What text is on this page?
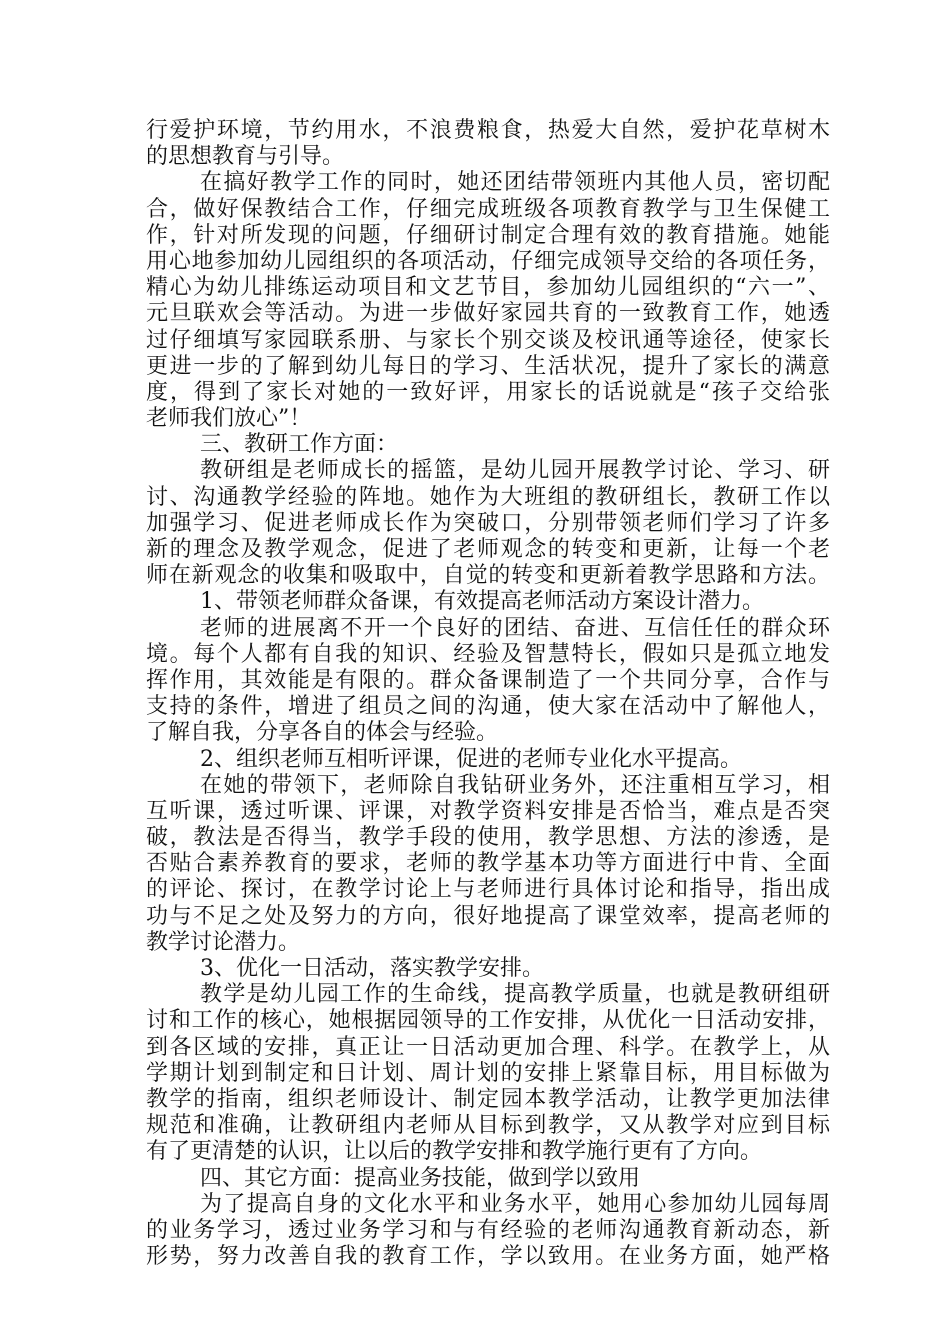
行爱护环境，节约用水，不浪费粮食，热爱大自然，爱护花草树木
的思想教育与引导。
在搞好教学工作的同时，她还团结带领班内其他人员，密切配
合，做好保教结合工作，仔细完成班级各项教育教学与卫生保健工
作，针对所发现的问题，仔细研讨制定合理有效的教育措施。她能
用心地参加幼儿园组织的各项活动，仔细完成领导交给的各项任务，
精心为幼儿排练运动项目和文艺节目，参加幼儿园组织的“六一”、
元旦联欢会等活动。为进一步做好家园共育的一致教育工作，她透
过仔细填写家园联系册、与家长个别交谈及校讯通等途径，使家长
更进一步的了解到幼儿每日的学习、生活状况，提升了家长的满意
度，得到了家长对她的一致好评，用家长的话说就是“孩子交给张
老师我们放心”！
三、教研工作方面：
教研组是老师成长的摇篮，是幼儿园开展教学讨论、学习、研
讨、沟通教学经验的阵地。她作为大班组的教研组长，教研工作以
加强学习、促进老师成长作为突破口，分别带领老师们学习了许多
新的理念及教学观念，促进了老师观念的转变和更新，让每一个老
师在新观念的收集和吸取中，自觉的转变和更新着教学思路和方法。
1、带领老师群众备课，有效提高老师活动方案设计潜力。
老师的进展离不开一个良好的团结、奋进、互信任任的群众环
境。每个人都有自我的知识、经验及智慧特长，假如只是孤立地发
挥作用，其效能是有限的。群众备课制造了一个共同分享，合作与
支持的条件，增进了组员之间的沟通，使大家在活动中了解他人，
了解自我，分享各自的体会与经验。
2、组织老师互相听评课，促进的老师专业化水平提高。
在她的带领下，老师除自我钻研业务外，还注重相互学习，相
互听课，透过听课、评课，对教学资料安排是否恰当，难点是否突
破，教法是否得当，教学手段的使用，教学思想、方法的渗透，是
否贴合素养教育的要求，老师的教学基本功等方面进行中肯、全面
的评论、探讨，在教学讨论上与老师进行具体讨论和指导，指出成
功与不足之处及努力的方向，很好地提高了课堂效率，提高老师的
教学讨论潜力。
3、优化一日活动，落实教学安排。
教学是幼儿园工作的生命线，提高教学质量，也就是教研组研
讨和工作的核心，她根据园领导的工作安排，从优化一日活动安排，
到各区域的安排，真正让一日活动更加合理、科学。在教学上，从
学期计划到制定和日计划、周计划的安排上紧靠目标，用目标做为
教学的指南，组织老师设计、制定园本教学活动，让教学更加法律
规范和准确，让教研组内老师从目标到教学，又从教学对应到目标
有了更清楚的认识，让以后的教学安排和教学施行更有了方向。
四、其它方面：提高业务技能，做到学以致用
为了提高自身的文化水平和业务水平，她用心参加幼儿园每周
的业务学习，透过业务学习和与有经验的老师沟通教育新动态，新
形势，努力改善自我的教育工作，学以致用。在业务方面，她严格
